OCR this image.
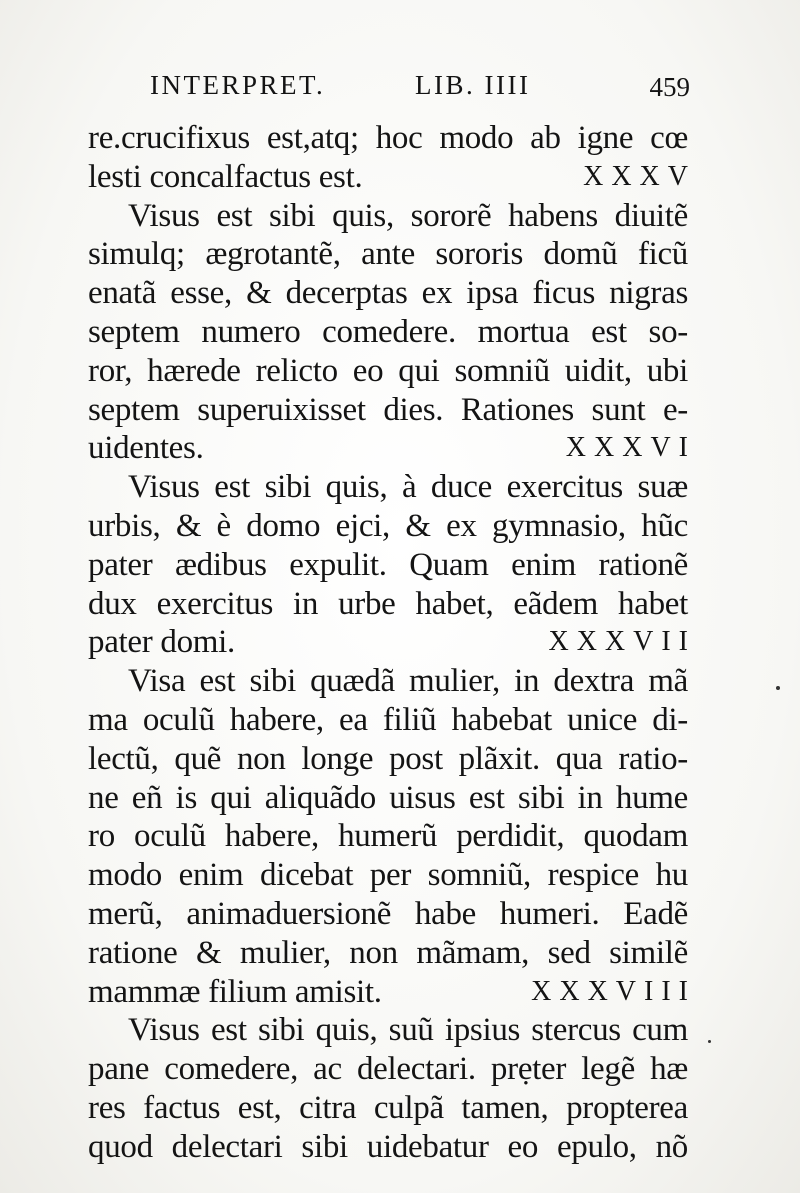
INTERPRET.	LIB. IIII	459
re.crucifixus est,atq; hoc modo ab igne cœ
lesti concalfactus est.	XXXV
Visus est sibi quis, sororẽ habens diuitẽ
simulq; ægrotantẽ, ante sororis domũ ficũ
enatã esse, & decerptas ex ipsa ficus nigras
septem numero comedere. mortua est so-
ror, hærede relicto eo qui somniũ uidit, ubi
septem superuixisset dies. Rationes sunt e-
uidentes.	XXXVI
Visus est sibi quis, à duce exercitus suæ
urbis, & è domo ejci, & ex gymnasio, hũc
pater ædibus expulit. Quam enim rationẽ
dux exercitus in urbe habet, eãdem habet
pater domi.	XXXVII
Visa est sibi quædã mulier, in dextra mã
ma oculũ habere, ea filiũ habebat unice di-
lectũ, quẽ non longe post plãxit. qua ratio-
ne eñ is qui aliquãdo uisus est sibi in hume
ro oculũ habere, humerũ perdidit, quodam
modo enim dicebat per somniũ, respice hu
merũ, animaduersionẽ habe humeri. Eadẽ
ratione & mulier, non mãmam, sed similẽ
mammæ filium amisit.	XXXVIII
Visus est sibi quis, suũ ipsius stercus cum
pane comedere, ac delectari. prẹter legẽ hæ
res factus est, citra culpã tamen, propterea
quod delectari sibi uidebatur eo epulo, nõ
